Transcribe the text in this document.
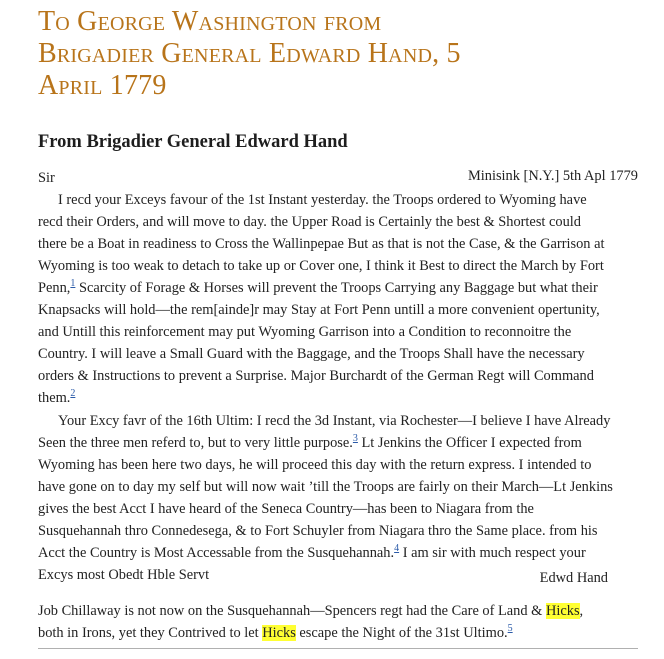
To George Washington from
Brigadier General Edward Hand, 5
April 1779
From Brigadier General Edward Hand

Sir	Minisink [N.Y.] 5th Apl 1779

I recd your Exceys favour of the 1st Instant yesterday. the Troops ordered to Wyoming have

recd their Orders, and will move to day. the Upper Road is Certainly the best & Shortest could

there be a Boat in readiness to Cross the Wallinpepae But as that is not the Case, & the Garrison at

Wyoming is too weak to detach to take up or Cover one, I think it Best to direct the March by Fort

Penn,$^1$ Scarcity of Forage & Horses will prevent the Troops Carrying any Baggage but what their

Knapsacks will hold—the rem[ainde]r may Stay at Fort Penn untill a more convenient opertunity,

and Untill this reinforcement may put Wyoming Garrison into a Condition to reconnoitre the

Country. I will leave a Small Guard with the Baggage, and the Troops Shall have the necessary

orders & Instructions to prevent a Surprise. Major Burchardt of the German Regt will Command

them.$^2$

Your Excy favr of the 16th Ultim: I recd the 3d Instant, via Rochester—I believe I have Already

Seen the three men referd to, but to very little purpose.$^3$ Lt Jenkins the Officer I expected from

Wyoming has been here two days, he will proceed this day with the return express. I intended to

have gone on to day my self but will now wait ’till the Troops are fairly on their March—Lt Jenkins

gives the best Acct I have heard of the Seneca Country—has been to Niagara from the

Susquehannah thro Connedesega, & to Fort Schuyler from Niagara thro the Same place. from his

Acct the Country is Most Accessable from the Susquehannah.$^4$ I am sir with much respect your

Excys most Obedt Hble Servt	Edwd Hand

Job Chillaway is not now on the Susquehannah—Spencers regt had the Care of Land & Hicks,

both in Irons, yet they Contrived to let Hicks escape the Night of the 31st Ultimo.$^5$
